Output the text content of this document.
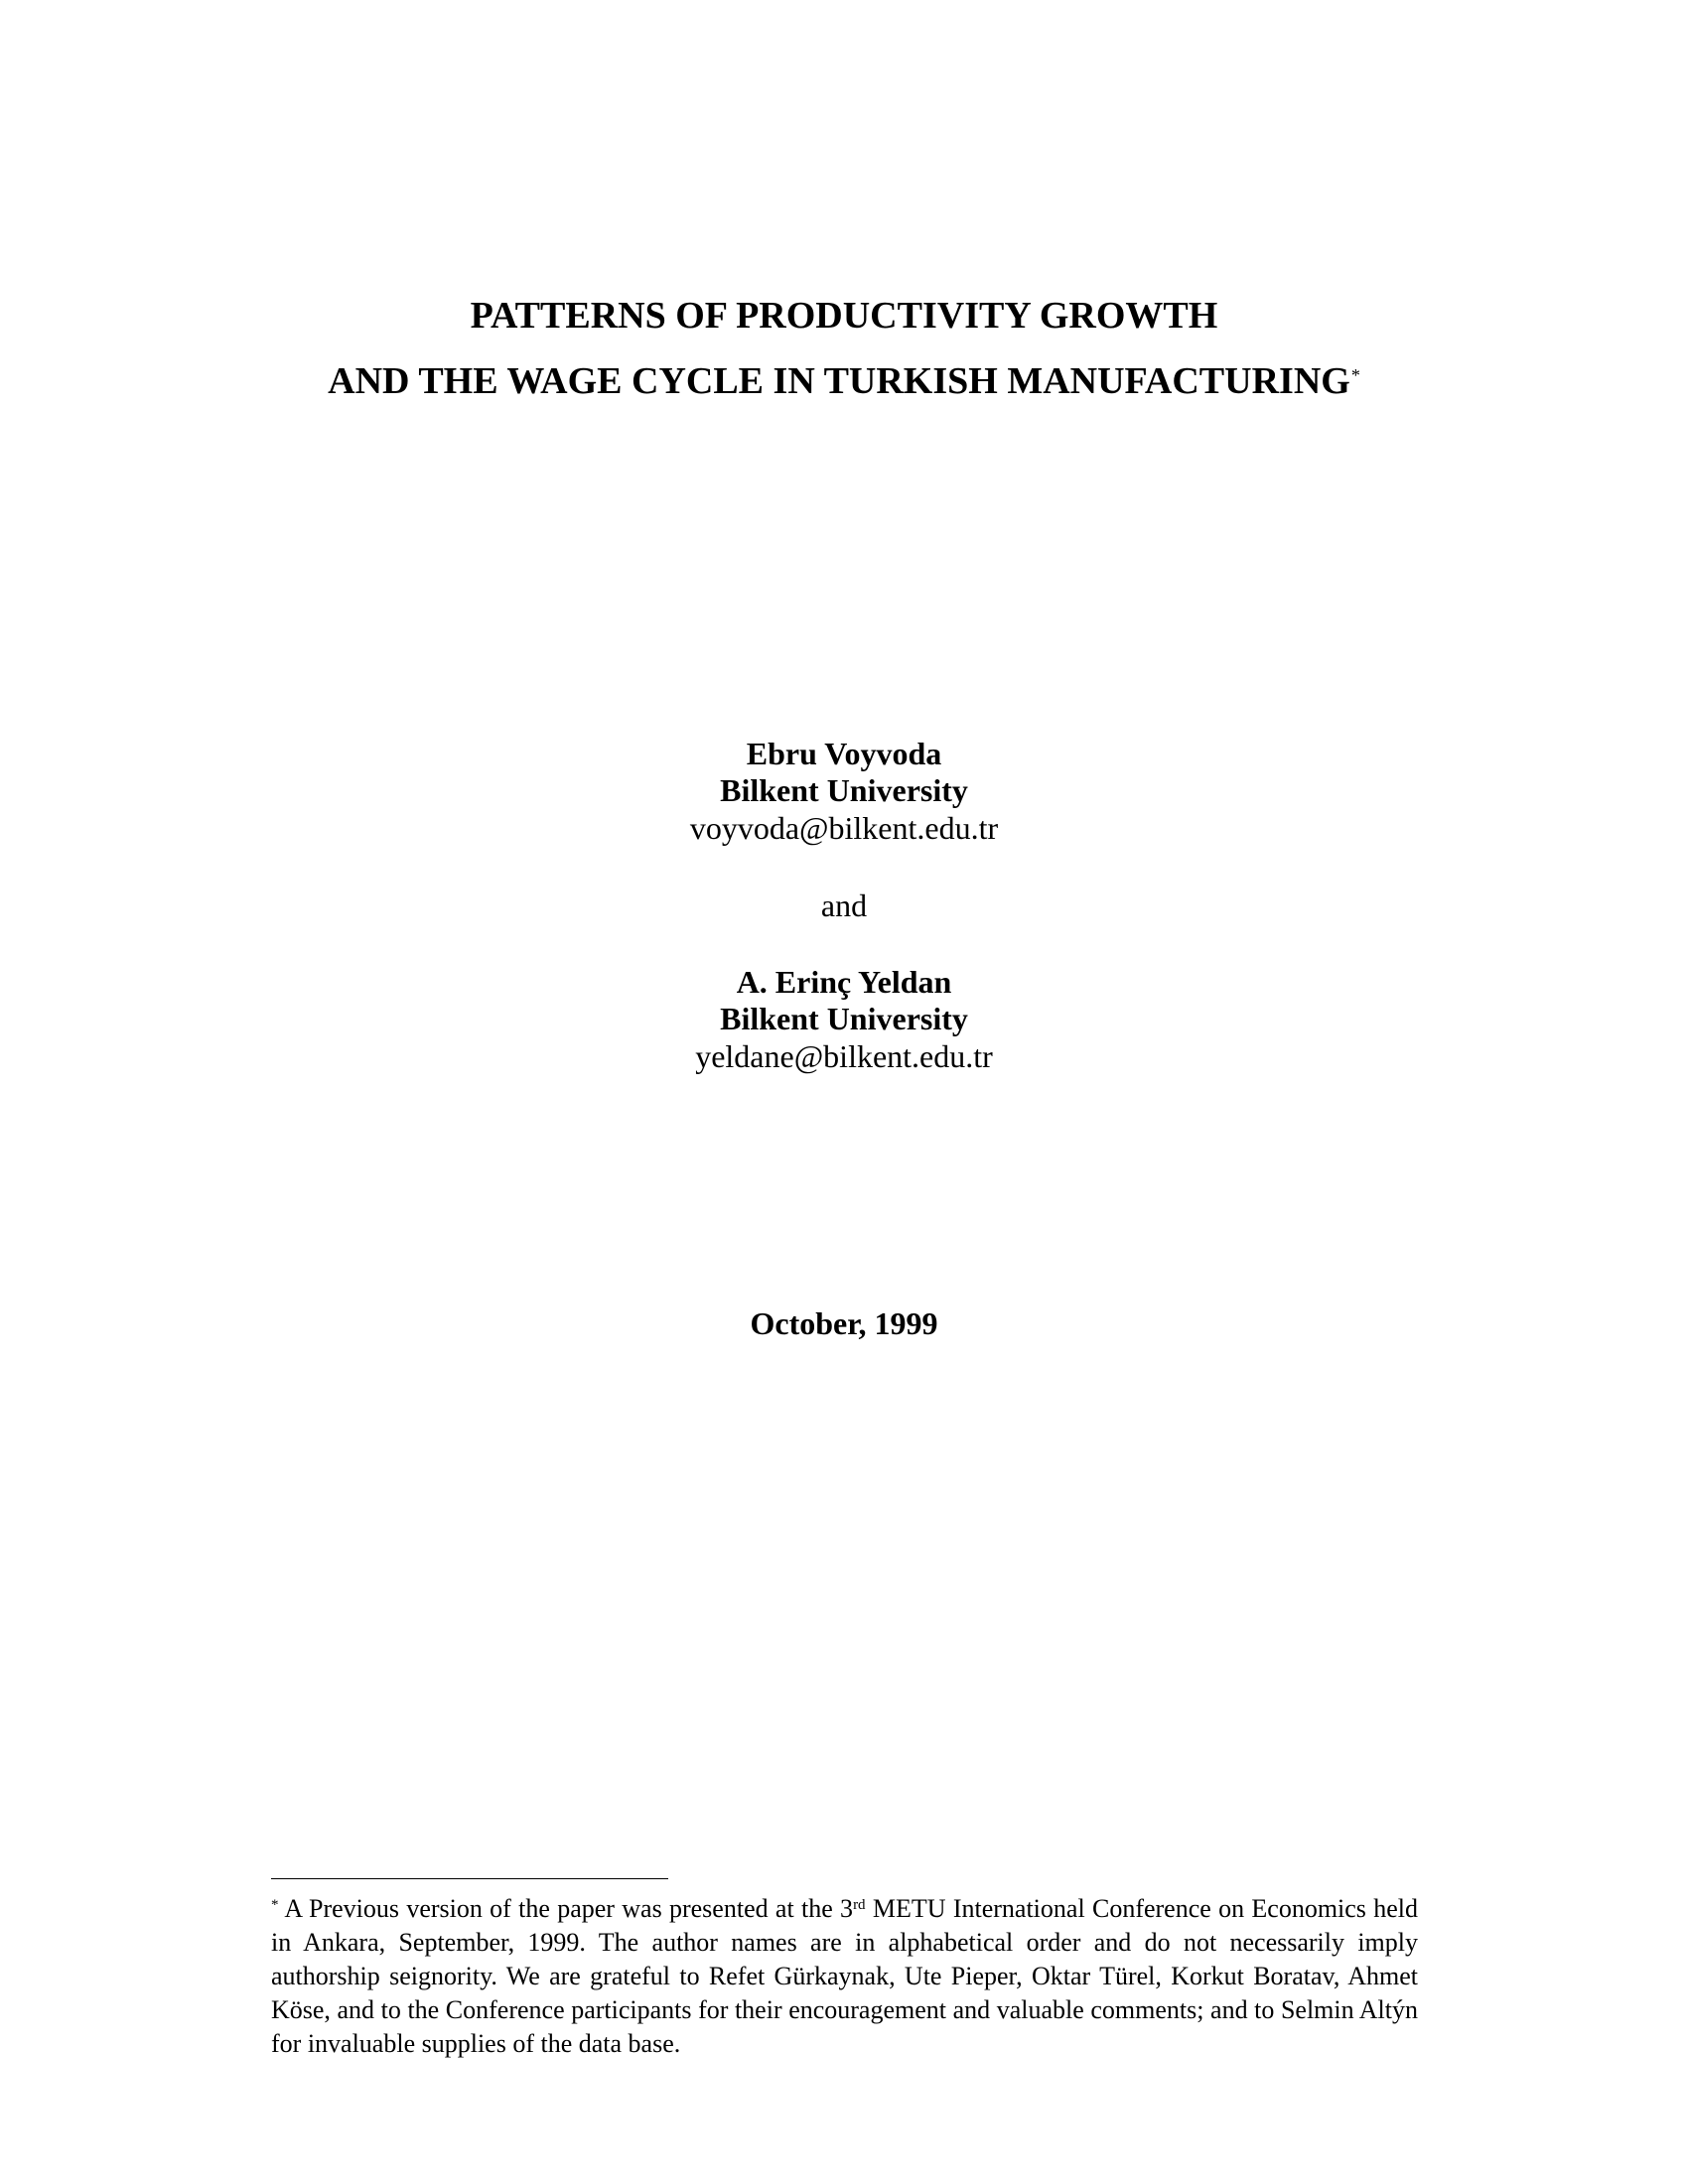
PATTERNS OF PRODUCTIVITY GROWTH
AND THE WAGE CYCLE IN TURKISH MANUFACTURING*
Ebru Voyvoda
Bilkent University
voyvoda@bilkent.edu.tr
and
A. Erinç Yeldan
Bilkent University
yeldane@bilkent.edu.tr
October, 1999
* A Previous version of the paper was presented at the 3rd METU International Conference on Economics held in Ankara, September, 1999. The author names are in alphabetical order and do not necessarily imply authorship seignority. We are grateful to Refet Gürkaynak, Ute Pieper, Oktar Türel, Korkut Boratav, Ahmet Köse, and to the Conference participants for their encouragement and valuable comments; and to Selmin Altýn for invaluable supplies of the data base.
